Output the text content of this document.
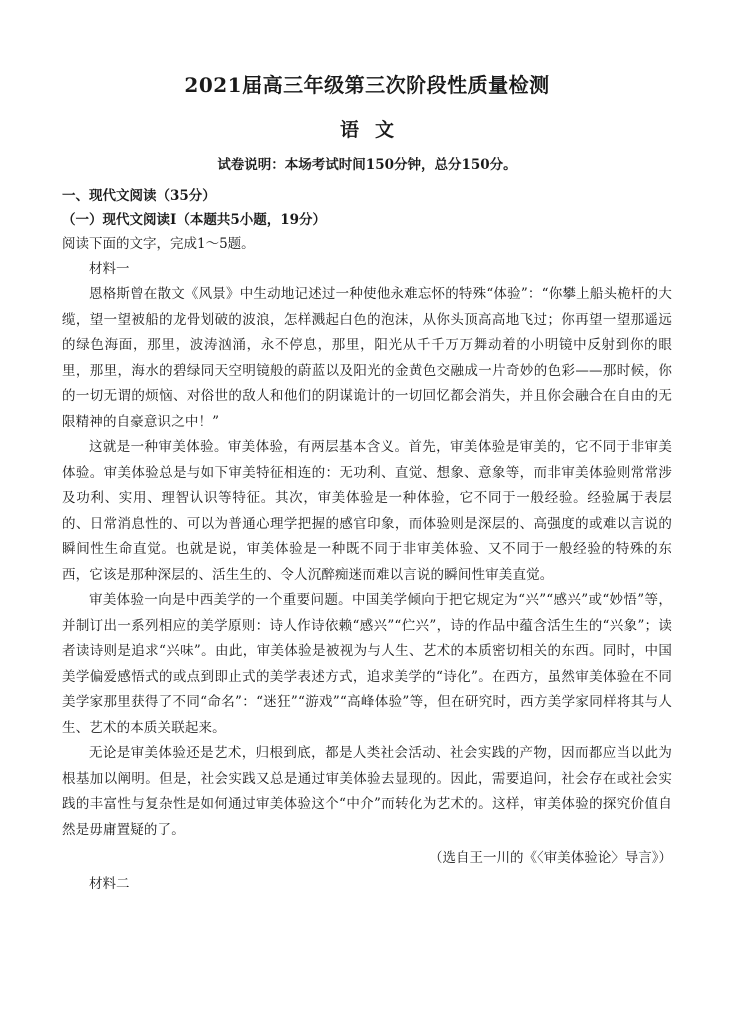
2021届高三年级第三次阶段性质量检测
语文

试卷说明：本场考试时间150分钟，总分150分。

一、现代文阅读（35分）

（一）现代文阅读Ⅰ（本题共5小题，19分）

阅读下面的文字，完成1～5题。

材料一

恩格斯曾在散文《风景》中生动地记述过一种使他永难忘怀的特殊“体验”：“你攀上船头桅杆的大缆，望一望被船的龙骨划破的波浪，怎样溅起白色的泡沫，从你头顶高高地飞过；你再望一望那遥远的绿色海面，那里，波涛汹涌，永不停息，那里，阳光从千千万万舞动着的小明镜中反射到你的眼里，那里，海水的碧绿同天空明镜般的蔚蓝以及阳光的金黄色交融成一片奇妙的色彩——那时候，你的一切无谓的烦恼、对俗世的敌人和他们的阴谋诡计的一切回忆都会消失，并且你会融合在自由的无限精神的自豪意识之中！”

这就是一种审美体验。审美体验，有两层基本含义。首先，审美体验是审美的，它不同于非审美体验。审美体验总是与如下审美特征相连的：无功利、直觉、想象、意象等，而非审美体验则常常涉及功利、实用、理智认识等特征。其次，审美体验是一种体验，它不同于一般经验。经验属于表层的、日常消息性的、可以为普通心理学把握的感官印象，而体验则是深层的、高强度的或难以言说的瞬间性生命直觉。也就是说，审美体验是一种既不同于非审美体验、又不同于一般经验的特殊的东西，它该是那种深层的、活生生的、令人沉醉痴迷而难以言说的瞬间性审美直觉。

审美体验一向是中西美学的一个重要问题。中国美学倾向于把它规定为“兴”“感兴”或“妙悟”等，并制订出一系列相应的美学原则：诗人作诗依赖“感兴”“伫兴”，诗的作品中蕴含活生生的“兴象”；读者读诗则是追求“兴味”。由此，审美体验是被视为与人生、艺术的本质密切相关的东西。同时，中国美学偏爱感悟式的或点到即止式的美学表述方式，追求美学的“诗化”。在西方，虽然审美体验在不同美学家那里获得了不同“命名”：“迷狂”“游戏”“高峰体验”等，但在研究时，西方美学家同样将其与人生、艺术的本质关联起来。

无论是审美体验还是艺术，归根到底，都是人类社会活动、社会实践的产物，因而都应当以此为根基加以阐明。但是，社会实践又总是通过审美体验去显现的。因此，需要追问，社会存在或社会实践的丰富性与复杂性是如何通过审美体验这个“中介”而转化为艺术的。这样，审美体验的探究价值自然是毋庸置疑的了。

（选自王一川的《〈审美体验论〉导言》）

材料二
